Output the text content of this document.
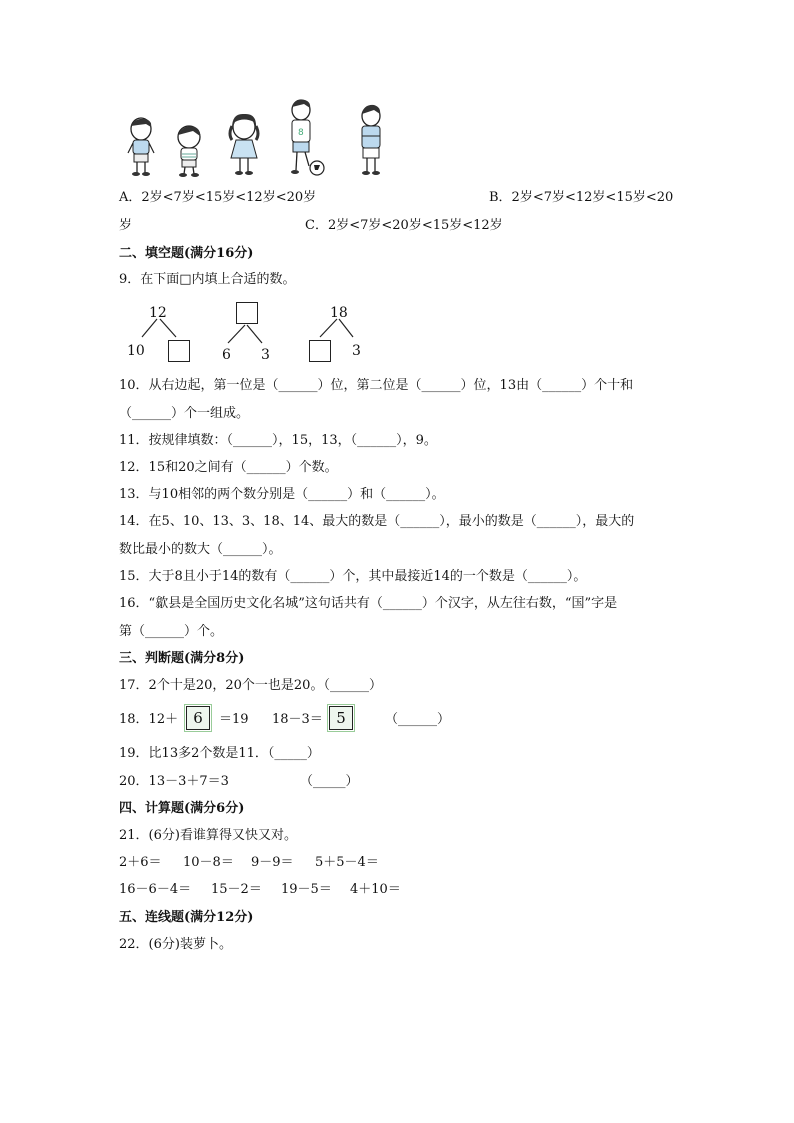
8
A．2岁<7岁<15岁<12岁<20岁	B．2岁<7岁<12岁<15岁<20
岁	C．2岁<7岁<20岁<15岁<12岁
二、填空题(满分16分)
9．在下面□内填上合适的数。
12
10	6 3
18
3
10．从右边起，第一位是（______）位，第二位是（______）位，13由（______）个十和
（______）个一组成。
11．按规律填数：（______），15，13，（______），9。
12．15和20之间有（______）个数。
13．与10相邻的两个数分别是（______）和（______）。
14．在5、10、13、3、18、14、最大的数是（______），最小的数是（______），最大的
数比最小的数大（______）。
15．大于8且小于14的数有（______）个，其中最接近14的一个数是（______）。
16．“歙县是全国历史文化名城”这句话共有（______）个汉字，从左往右数，“国”字是
第（______）个。
三、判断题(满分8分)
17．2个十是20，20个一也是20。（______）
18．12＋	6	＝19 18－3＝ 5	（______）
19．比13多2个数是11．（_____）
20．13－3＋7＝3	（_____）
四、计算题(满分6分)
21．(6分)看谁算得又快又对。
2＋6＝ 10－8＝ 9－9＝ 5＋5－4＝
16－6－4＝ 15－2＝ 19－5＝ 4＋10＝
五、连线题(满分12分)
22．(6分)装萝卜。
